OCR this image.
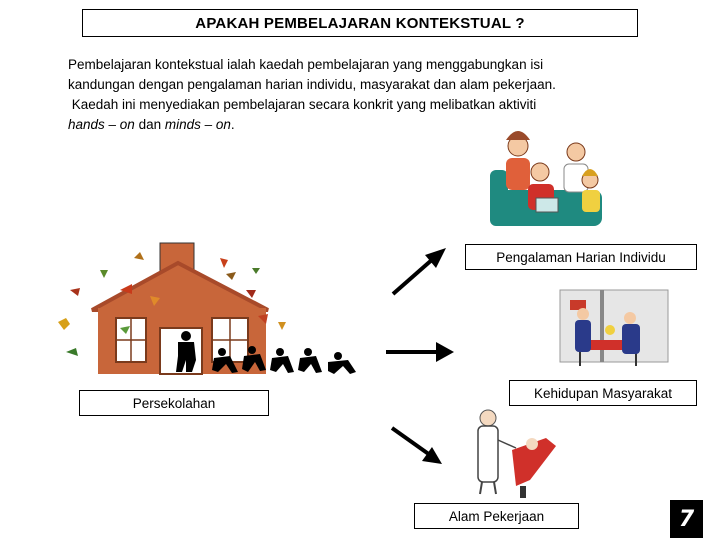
APAKAH PEMBELAJARAN KONTEKSTUAL ?
Pembelajaran kontekstual ialah kaedah pembelajaran yang menggabungkan isi
kandungan dengan pengalaman harian individu, masyarakat dan alam pekerjaan.
Kaedah ini menyediakan pembelajaran secara konkrit yang melibatkan aktiviti
hands – on dan minds – on.
Persekolahan
Pengalaman Harian Individu
Kehidupan Masyarakat
Alam Pekerjaan	7
